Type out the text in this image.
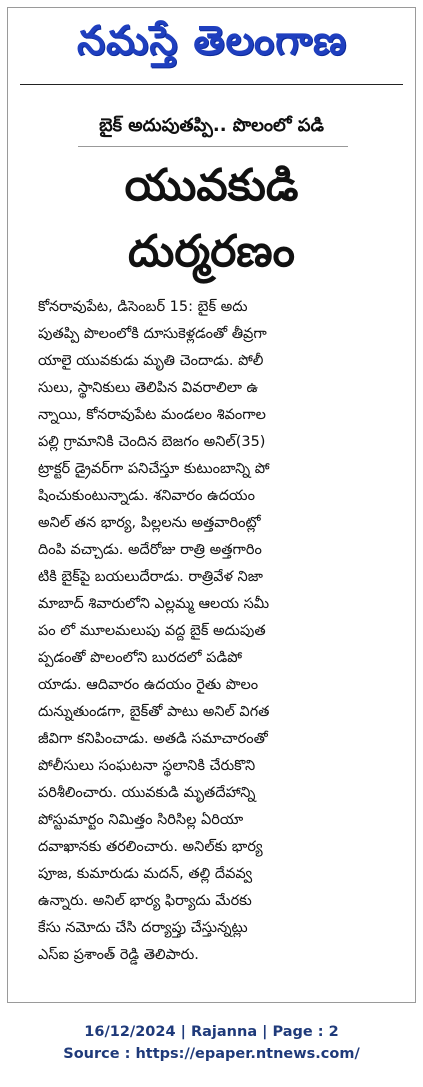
నమస్తే తెలంగాణ
బైక్ అదుపుతప్పి.. పొలంలో పడి
యువకుడి
దుర్మరణం
కోనరావుపేట, డిసెంబర్ 15: బైక్ అదు
పుతప్పి పొలంలోకి దూసుకెళ్లడంతో తీవ్రగా
యాలై యువకుడు మృతి చెందాడు. పోలీ
సులు, స్థానికులు తెలిపిన వివరాలిలా ఉ
న్నాయి, కోనరావుపేట మండలం శివంగాల
పల్లి గ్రామానికి చెందిన బెజగం అనిల్(35)
ట్రాక్టర్ డ్రైవర్‌గా పనిచేస్తూ కుటుంబాన్ని పో
షించుకుంటున్నాడు. శనివారం ఉదయం
అనిల్ తన భార్య, పిల్లలను అత్తవారింట్లో
దింపి వచ్చాడు. అదేరోజు రాత్రి అత్తగారిం
టికి బైక్‌పై బయలుదేరాడు. రాత్రివేళ నిజా
మాబాద్ శివారులోని ఎల్లమ్మ ఆలయ సమీ
పం లో మూలమలుపు వద్ద బైక్ అదుపుత
ప్పడంతో పొలంలోని బురదలో పడిపో
యాడు. ఆదివారం ఉదయం రైతు పొలం
దున్నుతుండగా, బైక్‌తో పాటు అనిల్ విగత
జీవిగా కనిపించాడు. అతడి సమాచారంతో
పోలీసులు సంఘటనా స్థలానికి చేరుకొని
పరిశీలించారు. యువకుడి మృతదేహాన్ని
పోస్టుమార్టం నిమిత్తం సిరిసిల్ల ఏరియా
దవాఖానకు తరలించారు. అనిల్‌కు భార్య
పూజ, కుమారుడు మదన్, తల్లి దేవవ్వ
ఉన్నారు. అనిల్ భార్య ఫిర్యాదు మేరకు
కేసు నమోదు చేసి దర్యాప్తు చేస్తున్నట్లు
ఎస్ఐ ప్రశాంత్ రెడ్డి తెలిపారు.
16/12/2024 | Rajanna | Page : 2
Source : https://epaper.ntnews.com/
